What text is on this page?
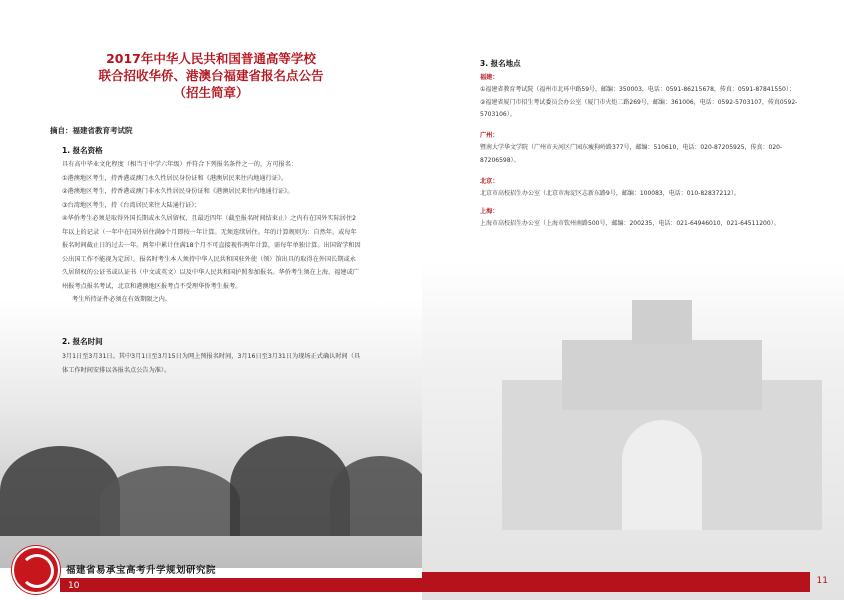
2017年中华人民共和国普通高等学校
联合招收华侨、港澳台福建省报名点公告
（招生简章）
摘自：福建省教育考试院
1. 报名资格

具有高中毕业文化程度（相当于中学六年级）并符合下列报名条件之一的，方可报名：

①港澳地区考生，持香港或澳门永久性居民身份证和《港澳居民来往内地通行证》。

②港澳地区考生，持香港或澳门非永久性居民身份证和《港澳居民来往内地通行证》。

③台湾地区考生，持《台湾居民来往大陆通行证》；

④华侨考生必须是取得外国长期或永久居留权，且最近四年（截至报名时间结束止）之内有在国外实际居住2年以上的记录（一年中在国外居住满9个月即按一年计算。无须连续居住。年的计算规则为：自然年，或每年报名时间截止日的过去一年。两年中累计住满18个月不可直接视作两年计算，需每年单独计算。出国留学和因公出国工作不能视为定居）。报名时考生本人须持中华人民共和国驻外使（领）馆出具的取得在外国长期或永久居留权的公证书或认证书（中文或英文）以及中华人民共和国护照参加报名。华侨考生须在上海、福建或广州报考点报名考试，北京和港澳地区报考点不受理华侨考生报考。

考生所持证件必须在有效期限之内。

2. 报名时间

3月1日至3月31日。其中3月1日至3月15日为网上预报名时间，3月16日至3月31日为现场正式确认时间（具体工作时间安排以各报名点公告为准）。

福建省易承宝高考升学规划研究院
10
3. 报名地点
福建：
①福建省教育考试院（福州市北环中路59号，邮编：350003，电话：0591-86215678，传真：0591-87841550）；
②福建省厦门市招生考试委员会办公室（厦门市火炬二路269号，邮编：361006，电话：0592-5703107，传真0592-5703106）。
广州：
暨南大学华文学院（广州市天河区广园东瘦狗岭路377号，邮编：510610，电话：020-87205925，传真：020-87206598）。
北京：
北京市高校招生办公室（北京市海淀区志新东路9号，邮编：100083，电话：010-82837212）。
上海：
上海市高校招生办公室（上海市钦州南路500号，邮编：200235，电话：021-64946010，021-64511200）。
11
